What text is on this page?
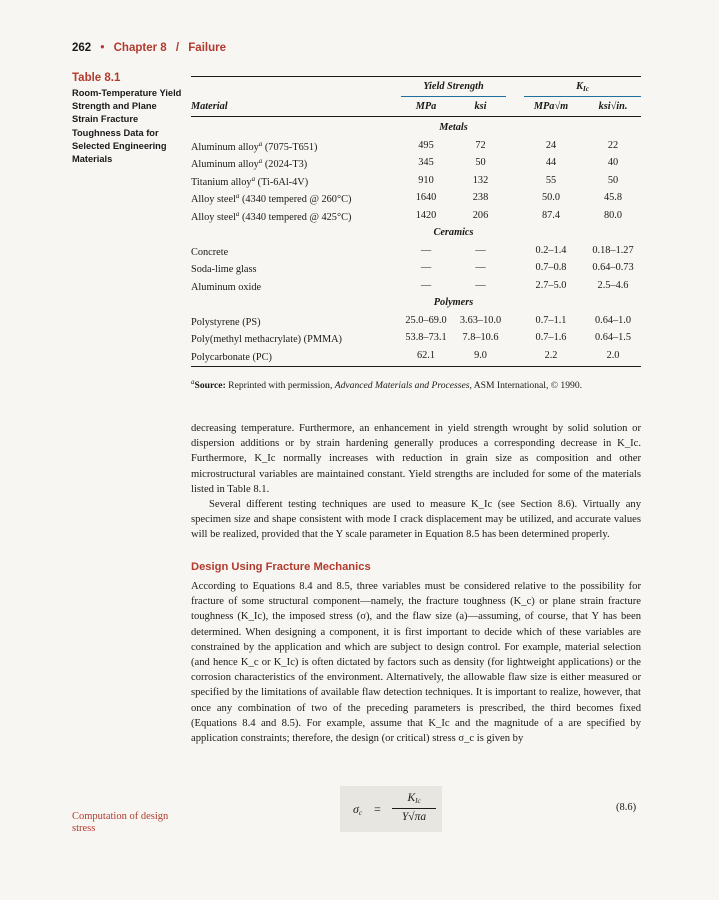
262 • Chapter 8 / Failure
Table 8.1
Room-Temperature Yield Strength and Plane Strain Fracture Toughness Data for Selected Engineering Materials
Yield Strength	$K_{Ic}$
Material	MPa	ksi	MPa√m	ksi√in.
Metals
Aluminum alloy$^a$ (7075-T651)	495	72	24	22
Aluminum alloy$^a$ (2024-T3)	345	50	44	40
Titanium alloy$^a$ (Ti-6Al-4V)	910	132	55	50
Alloy steel$^a$ (4340 tempered @ 260°C)	1640	238	50.0	45.8
Alloy steel$^a$ (4340 tempered @ 425°C)	1420	206	87.4	80.0
Ceramics
Concrete	—	—	0.2–1.4	0.18–1.27
Soda-lime glass	—	—	0.7–0.8	0.64–0.73
Aluminum oxide	—	—	2.7–5.0	2.5–4.6
Polymers
Polystyrene (PS)	25.0–69.0	3.63–10.0	0.7–1.1	0.64–1.0
Poly(methyl methacrylate) (PMMA)	53.8–73.1	7.8–10.6	0.7–1.6	0.64–1.5
Polycarbonate (PC)	62.1	9.0	2.2	2.0
$^a$Source: Reprinted with permission, Advanced Materials and Processes, ASM International, © 1990.

decreasing temperature. Furthermore, an enhancement in yield strength wrought by solid solution or dispersion additions or by strain hardening generally produces a corresponding decrease in K_Ic. Furthermore, K_Ic normally increases with reduction in grain size as composition and other microstructural variables are maintained constant. Yield strengths are included for some of the materials listed in Table 8.1.

Several different testing techniques are used to measure K_Ic (see Section 8.6). Virtually any specimen size and shape consistent with mode I crack displacement may be utilized, and accurate values will be realized, provided that the Y scale parameter in Equation 8.5 has been determined properly.

Design Using Fracture Mechanics

According to Equations 8.4 and 8.5, three variables must be considered relative to the possibility for fracture of some structural component—namely, the fracture toughness (K_c) or plane strain fracture toughness (K_Ic), the imposed stress (σ), and the flaw size (a)—assuming, of course, that Y has been determined. When designing a component, it is first important to decide which of these variables are constrained by the application and which are subject to design control. For example, material selection (and hence K_c or K_Ic) is often dictated by factors such as density (for lightweight applications) or the corrosion characteristics of the environment. Alternatively, the allowable flaw size is either measured or specified by the limitations of available flaw detection techniques. It is important to realize, however, that once any combination of two of the preceding parameters is prescribed, the third becomes fixed (Equations 8.4 and 8.5). For example, assume that K_Ic and the magnitude of a are specified by application constraints; therefore, the design (or critical) stress σ_c is given by

Computation of design stress
$\sigma_c$ =
$K_{Ic}$
Y√πa
(8.6)
